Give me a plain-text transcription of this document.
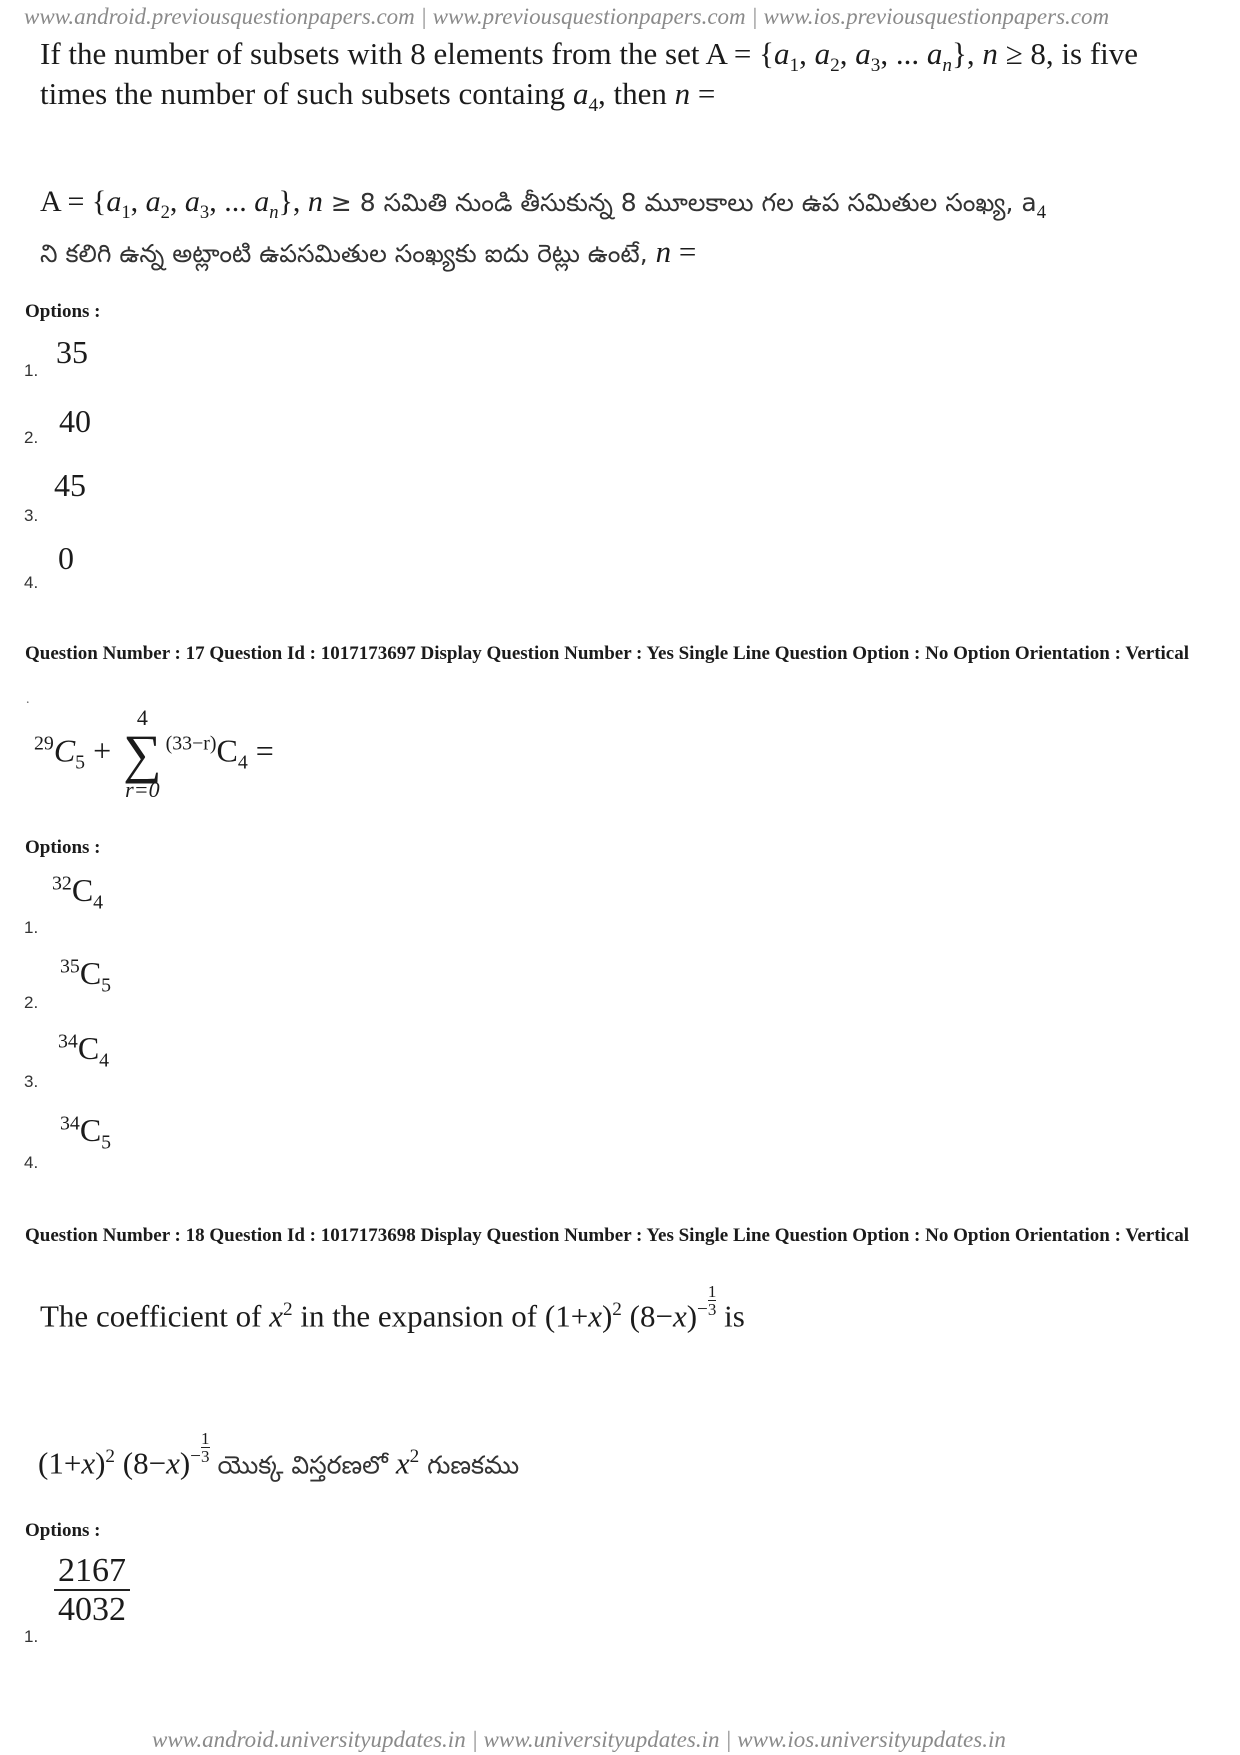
www.android.previousquestionpapers.com | www.previousquestionpapers.com | www.ios.previousquestionpapers.com
If the number of subsets with 8 elements from the set $A = \{a_1$, $a_2$, $a_3$, ... $a_n$}, n ≥ 8, is five
times the number of such subsets containg $a_4$, then n =
$A = \{a_1$, $a_2$, $a_3$, ... $a_n$}, n ≥ 8 సమితి నుండి తీసుకున్న 8 మూలకాలు గల ఉప సమితుల సంఖ్య, $a_4$
ని కలిగి ఉన్న అట్లాంటి ఉపసమితుల సంఖ్యకు ఐదు రెట్లు ఉంటే, n =
Options :
35
1.
40
2.
45
3.
0
4.
Question Number : 17 Question Id : 1017173697 Display Question Number : Yes Single Line Question Option : No Option Orientation : Vertical
.
$^{29}C_5$ +
4
∑
r=0
$^{(33-r)}C_4$ =
Options :
$^{32}C_4$
1.
$^{35}C_5$
2.
$^{34}C_4$
3.
$^{34}C_5$
4.
Question Number : 18 Question Id : 1017173698 Display Question Number : Yes Single Line Question Option : No Option Orientation : Vertical
The coefficient of $x^2$ in the expansion of $(1+x)^2$ $(8-x)^- \frac{1}{3}$ is
$(1+x)^2$ $(8-x)^- \frac{1}{3}$ యొక్క విస్తరణలో $x^2$ గుణకము
Options :
$\frac{2167}{4032}$
1.
www.android.universityupdates.in | www.universityupdates.in | www.ios.universityupdates.in
